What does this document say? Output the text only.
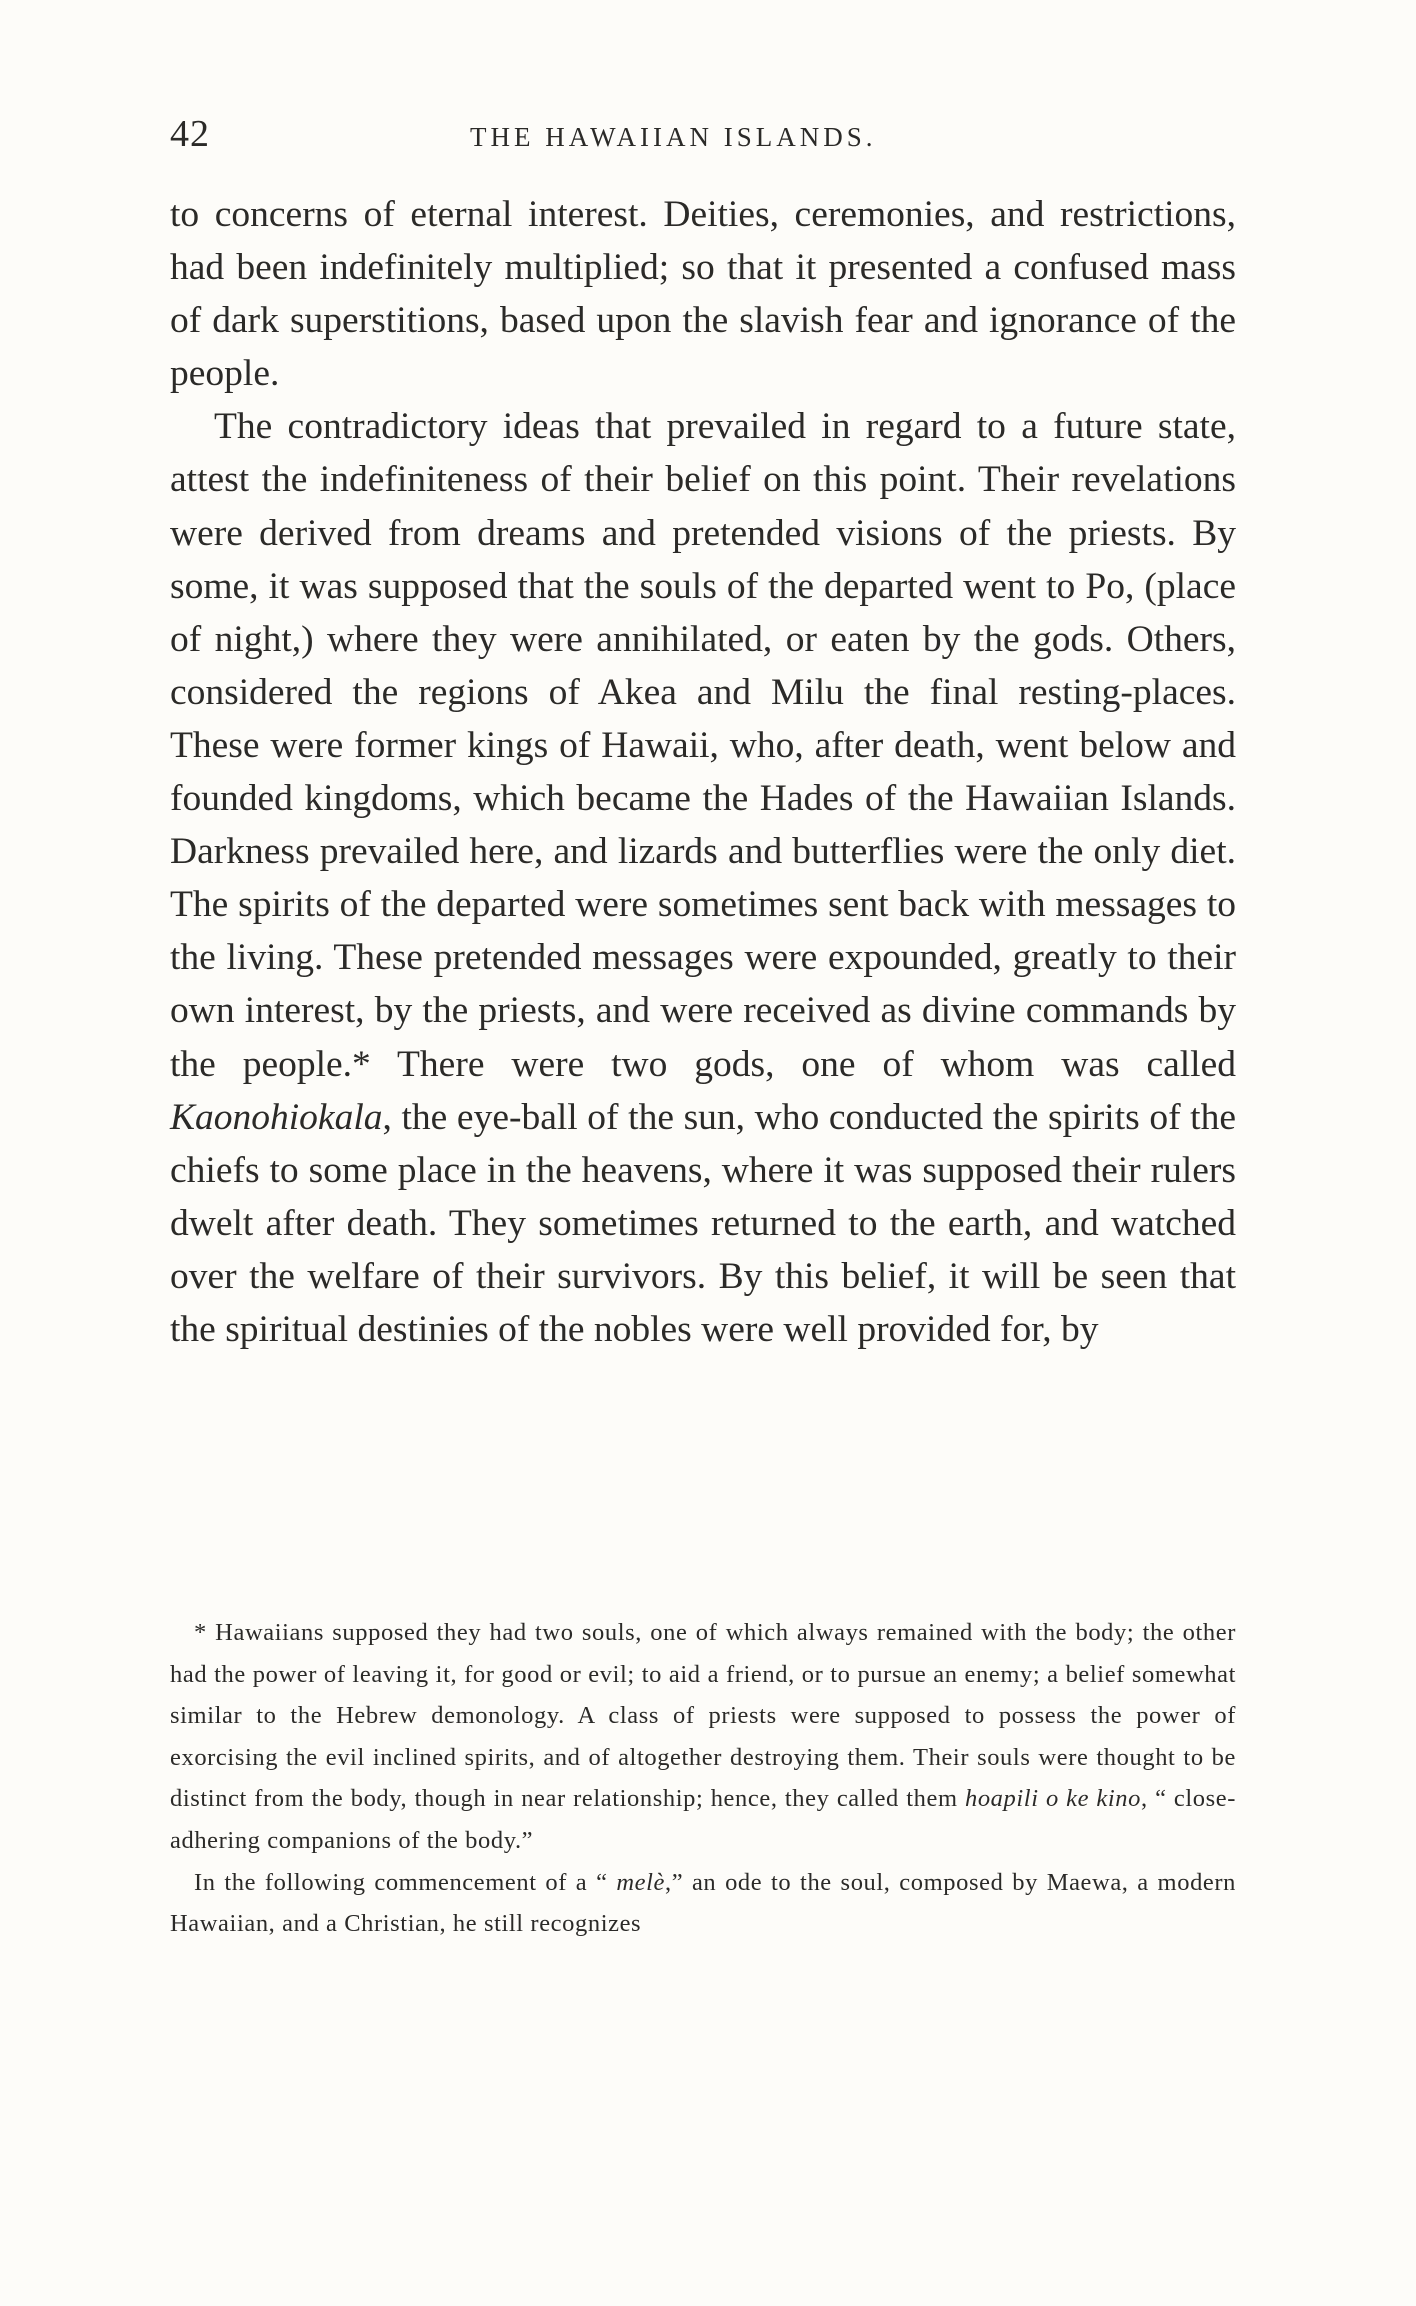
42	THE HAWAIIAN ISLANDS.

to concerns of eternal interest. Deities, ceremonies, and restrictions, had been indefinitely multiplied; so that it presented a confused mass of dark superstitions, based upon the slavish fear and ignorance of the people.

The contradictory ideas that prevailed in regard to a future state, attest the indefiniteness of their belief on this point. Their revelations were derived from dreams and pretended visions of the priests. By some, it was supposed that the souls of the departed went to Po, (place of night,) where they were annihilated, or eaten by the gods. Others, considered the regions of Akea and Milu the final resting-places. These were former kings of Hawaii, who, after death, went below and founded kingdoms, which became the Hades of the Hawaiian Islands. Darkness prevailed here, and lizards and butterflies were the only diet. The spirits of the departed were sometimes sent back with messages to the living. These pretended messages were expounded, greatly to their own interest, by the priests, and were received as divine commands by the people.* There were two gods, one of whom was called Kaonohiokala, the eye-ball of the sun, who conducted the spirits of the chiefs to some place in the heavens, where it was supposed their rulers dwelt after death. They sometimes returned to the earth, and watched over the welfare of their survivors. By this belief, it will be seen that the spiritual destinies of the nobles were well provided for, by

* Hawaiians supposed they had two souls, one of which always remained with the body; the other had the power of leaving it, for good or evil; to aid a friend, or to pursue an enemy; a belief somewhat similar to the Hebrew demonology. A class of priests were supposed to possess the power of exorcising the evil inclined spirits, and of altogether destroying them. Their souls were thought to be distinct from the body, though in near relationship; hence, they called them hoapili o ke kino, “ close-adhering companions of the body.”

In the following commencement of a “ melè,” an ode to the soul, composed by Maewa, a modern Hawaiian, and a Christian, he still recognizes
